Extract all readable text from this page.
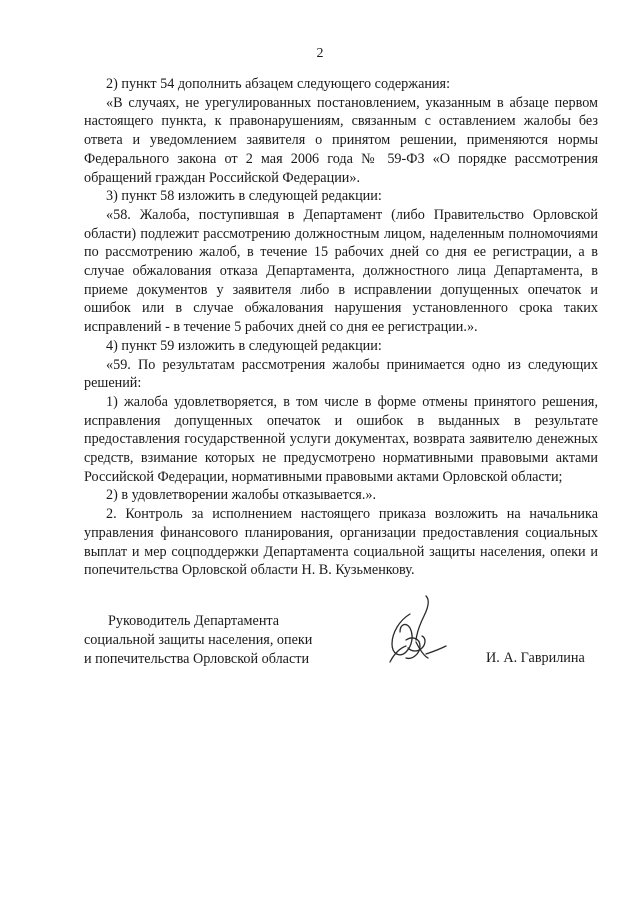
2

2) пункт 54 дополнить абзацем следующего содержания:

«В случаях, не урегулированных постановлением, указанным в абзаце первом настоящего пункта, к правонарушениям, связанным с оставлением жалобы без ответа и уведомлением заявителя о принятом решении, применяются нормы Федерального закона от 2 мая 2006 года № 59-ФЗ «О порядке рассмотрения обращений граждан Российской Федерации».

3) пункт 58 изложить в следующей редакции:

«58. Жалоба, поступившая в Департамент (либо Правительство Орловской области) подлежит рассмотрению должностным лицом, наделенным полномочиями по рассмотрению жалоб, в течение 15 рабочих дней со дня ее регистрации, а в случае обжалования отказа Департамента, должностного лица Департамента, в приеме документов у заявителя либо в исправлении допущенных опечаток и ошибок или в случае обжалования нарушения установленного срока таких исправлений - в течение 5 рабочих дней со дня ее регистрации.».

4) пункт 59 изложить в следующей редакции:

«59. По результатам рассмотрения жалобы принимается одно из следующих решений:

1) жалоба удовлетворяется, в том числе в форме отмены принятого решения, исправления допущенных опечаток и ошибок в выданных в результате предоставления государственной услуги документах, возврата заявителю денежных средств, взимание которых не предусмотрено нормативными правовыми актами Российской Федерации, нормативными правовыми актами Орловской области;

2) в удовлетворении жалобы отказывается.».

2. Контроль за исполнением настоящего приказа возложить на начальника управления финансового планирования, организации предоставления социальных выплат и мер соцподдержки Департамента социальной защиты населения, опеки и попечительства Орловской области Н. В. Кузьменкову.

Руководитель Департамента
социальной защиты населения, опеки
и попечительства Орловской области	И. А. Гаврилина
